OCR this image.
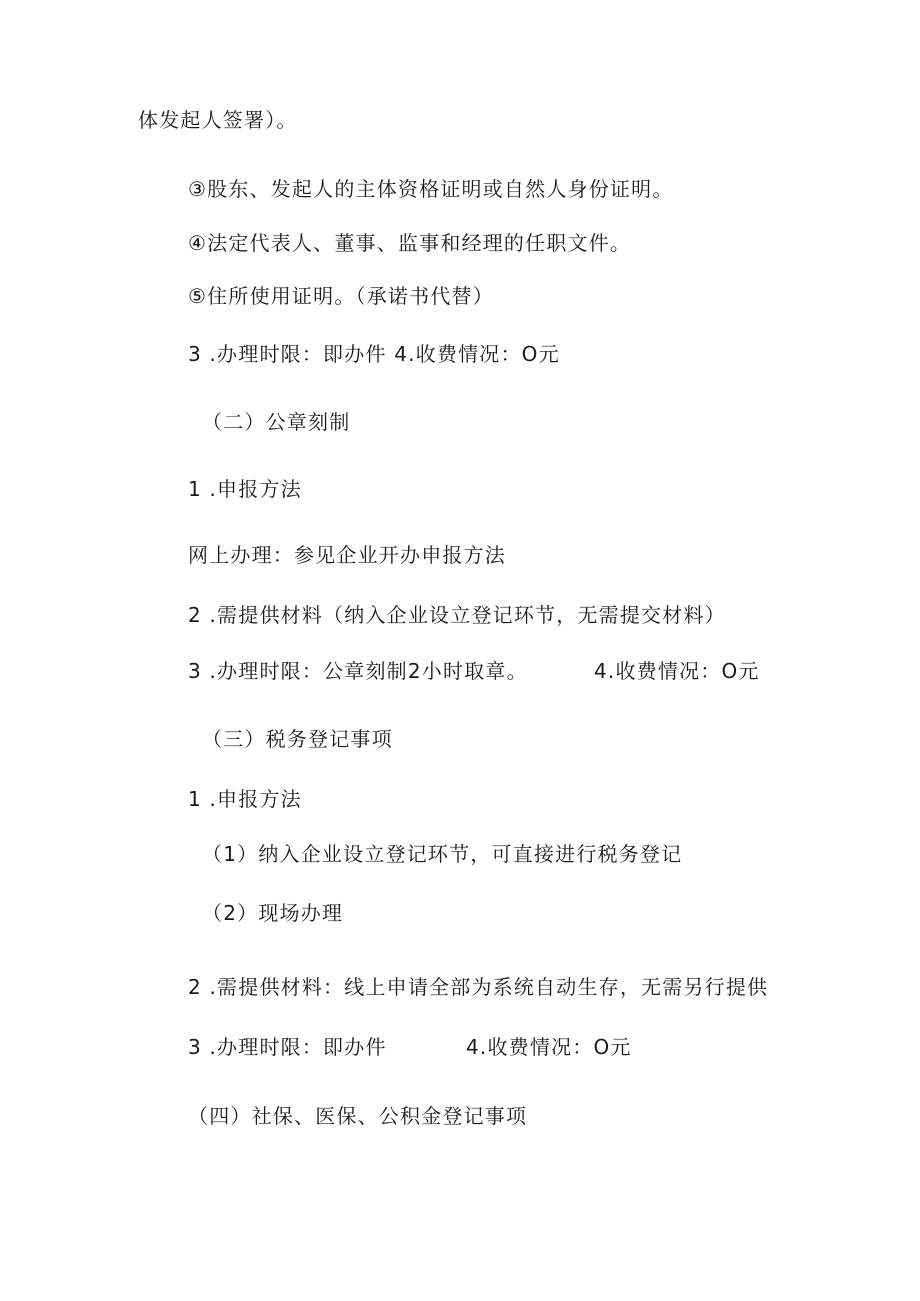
体发起人签署）。
③股东、发起人的主体资格证明或自然人身份证明。
④法定代表人、董事、监事和经理的任职文件。
⑤住所使用证明。（承诺书代替）
3 .办理时限：即办件 4.收费情况：O元
（二）公章刻制
1 .申报方法
网上办理：参见企业开办申报方法
2 .需提供材料（纳入企业设立登记环节，无需提交材料）
3 .办理时限：公章刻制2小时取章。	4.收费情况：O元
（三）税务登记事项
1 .申报方法
（1）纳入企业设立登记环节，可直接进行税务登记
（2）现场办理
2 .需提供材料：线上申请全部为系统自动生存，无需另行提供
3 .办理时限：即办件	4.收费情况：O元
（四）社保、医保、公积金登记事项
